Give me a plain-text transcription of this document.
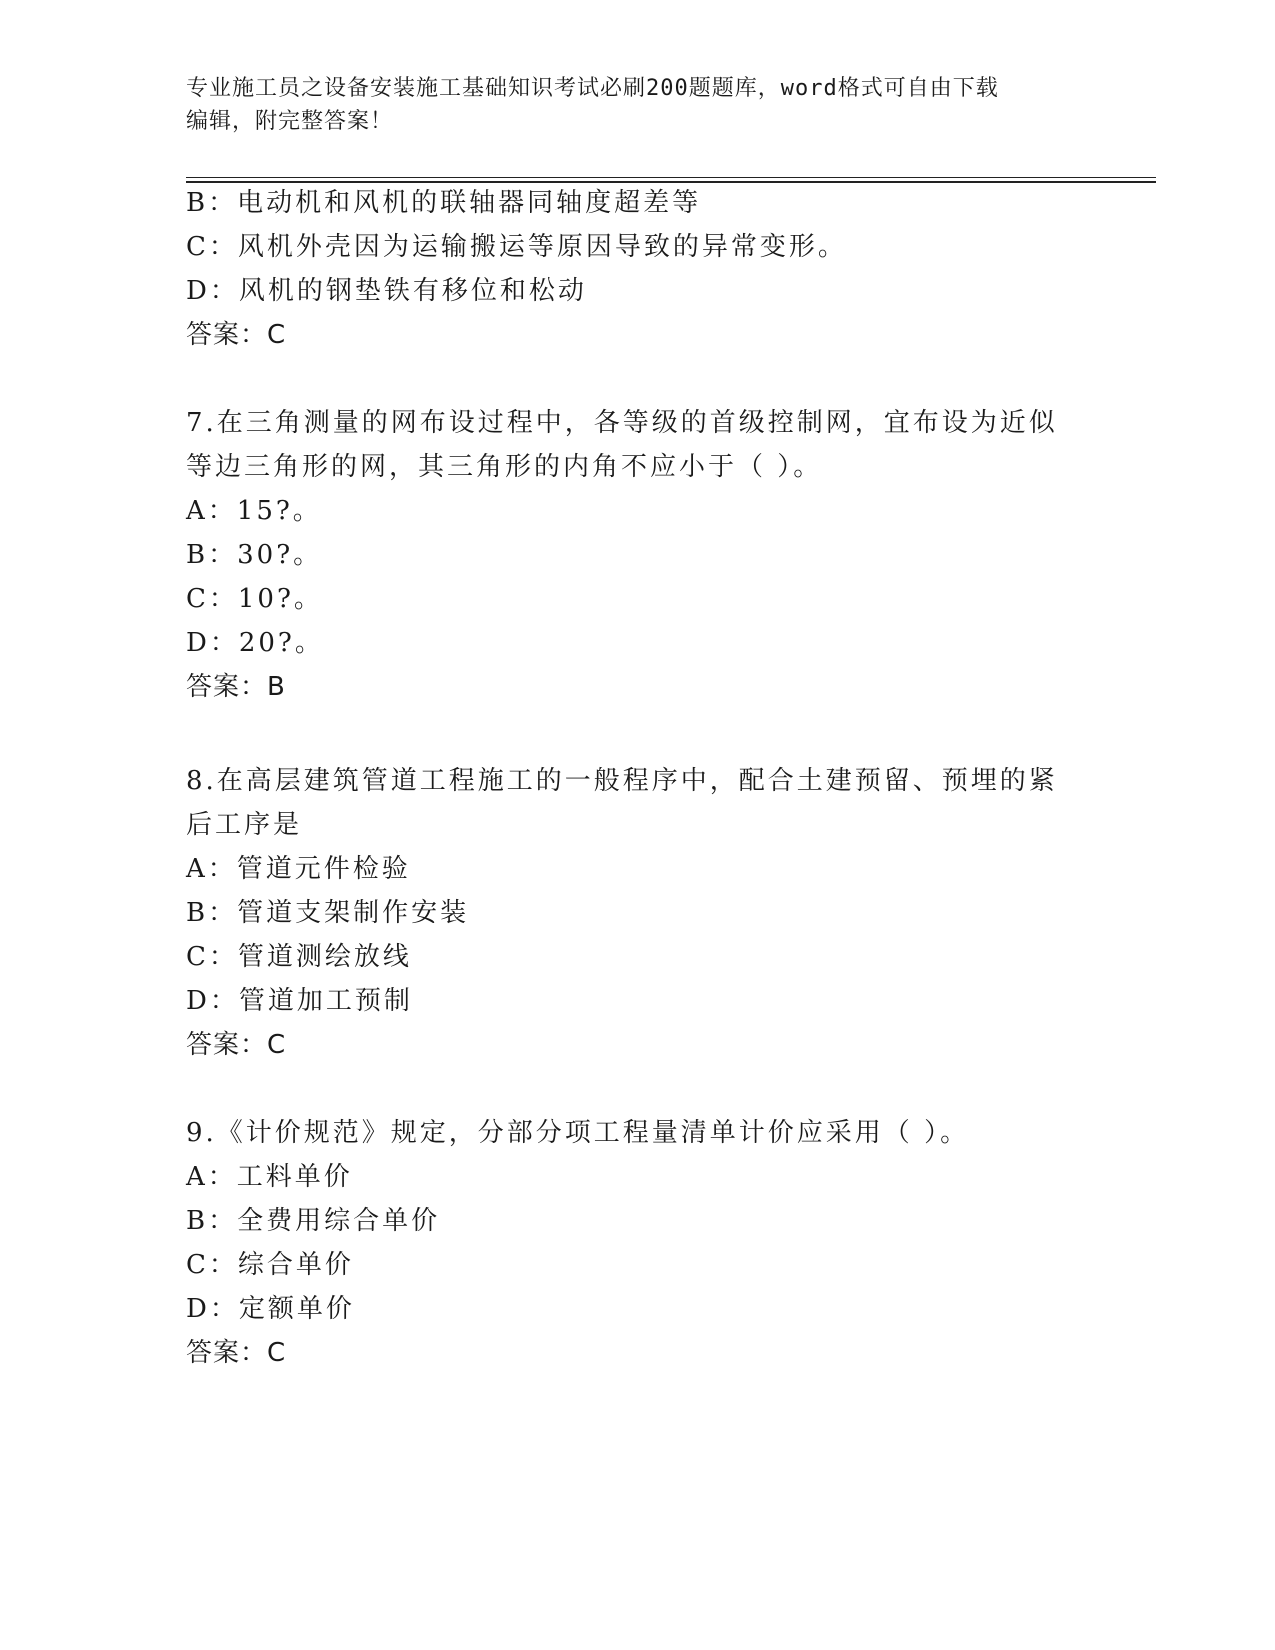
专业施工员之设备安装施工基础知识考试必刷200题题库，word格式可自由下载
编辑，附完整答案！
B：电动机和风机的联轴器同轴度超差等
C：风机外壳因为运输搬运等原因导致的异常变形。
D：风机的钢垫铁有移位和松动
答案：C
7.在三角测量的网布设过程中，各等级的首级控制网，宜布设为近似
等边三角形的网，其三角形的内角不应小于（ ）。
A：15?。
B：30?。
C：10?。
D：20?。
答案：B
8.在高层建筑管道工程施工的一般程序中，配合土建预留、预埋的紧
后工序是
A：管道元件检验
B：管道支架制作安装
C：管道测绘放线
D：管道加工预制
答案：C
9.《计价规范》规定，分部分项工程量清单计价应采用（ ）。
A：工料单价
B：全费用综合单价
C：综合单价
D：定额单价
答案：C
